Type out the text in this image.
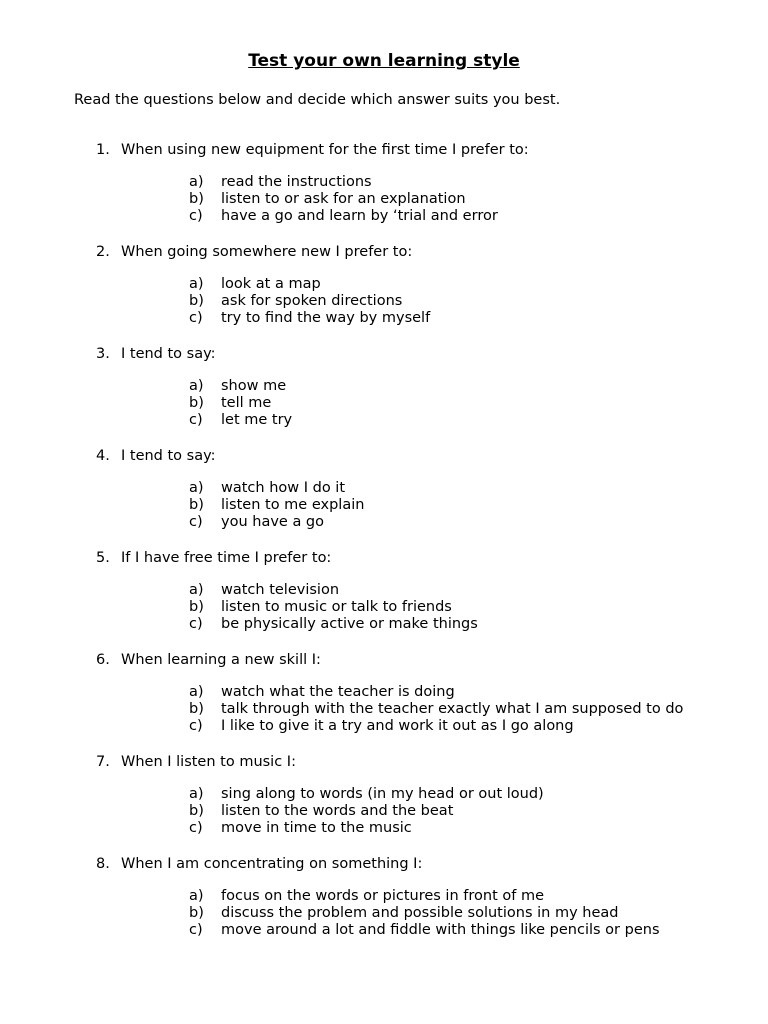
Test your own learning style
Read the questions below and decide which answer suits you best.
1. When using new equipment for the first time I prefer to:
a)	read the instructions
b)	listen to or ask for an explanation
c)	have a go and learn by ‘trial and error
2. When going somewhere new I prefer to:
a)	look at a map
b)	ask for spoken directions
c)	try to find the way by myself
3. I tend to say:
a)	show me
b)	tell me
c)	let me try
4. I tend to say:
a)	watch how I do it
b)	listen to me explain
c)	you have a go
5. If I have free time I prefer to:
a)	watch television
b)	listen to music or talk to friends
c)	be physically active or make things
6. When learning a new skill I:
a)	watch what the teacher is doing
b)	talk through with the teacher exactly what I am supposed to do
c)	I like to give it a try and work it out as I go along
7. When I listen to music I:
a)	sing along to words (in my head or out loud)
b)	listen to the words and the beat
c)	move in time to the music
8. When I am concentrating on something I:
a)	focus on the words or pictures in front of me
b)	discuss the problem and possible solutions in my head
c)	move around a lot and fiddle with things like pencils or pens
